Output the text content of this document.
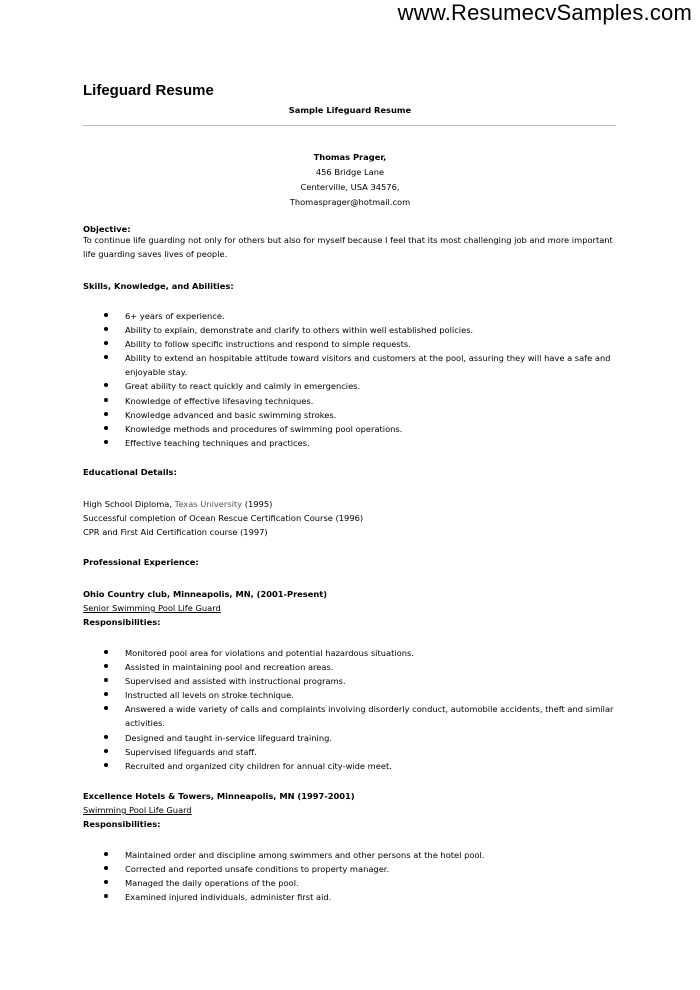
www.ResumecvSamples.com
Lifeguard Resume
Sample Lifeguard Resume
Thomas Prager,
456 Bridge Lane
Centerville, USA 34576,
Thomasprager@hotmail.com
Objective:
To continue life guarding not only for others but also for myself because I feel that its most challenging job and more important
life guarding saves lives of people.
Skills, Knowledge, and Abilities:
6+ years of experience.
Ability to explain, demonstrate and clarify to others within well established policies.
Ability to follow specific instructions and respond to simple requests.
Ability to extend an hospitable attitude toward visitors and customers at the pool, assuring they will have a safe and enjoyable stay.
Great ability to react quickly and calmly in emergencies.
Knowledge of effective lifesaving techniques.
Knowledge advanced and basic swimming strokes.
Knowledge methods and procedures of swimming pool operations.
Effective teaching techniques and practices.
Educational Details:
High School Diploma, Texas University (1995)
Successful completion of Ocean Rescue Certification Course (1996)
CPR and First Aid Certification course (1997)
Professional Experience:
Ohio Country club, Minneapolis, MN, (2001-Present)
Senior Swimming Pool Life Guard
Responsibilities:
Monitored pool area for violations and potential hazardous situations.
Assisted in maintaining pool and recreation areas.
Supervised and assisted with instructional programs.
Instructed all levels on stroke technique.
Answered a wide variety of calls and complaints involving disorderly conduct, automobile accidents, theft and similar activities.
Designed and taught in-service lifeguard training.
Supervised lifeguards and staff.
Recruited and organized city children for annual city-wide meet.
Excellence Hotels & Towers, Minneapolis, MN (1997-2001)
Swimming Pool Life Guard
Responsibilities:
Maintained order and discipline among swimmers and other persons at the hotel pool.
Corrected and reported unsafe conditions to property manager.
Managed the daily operations of the pool.
Examined injured individuals, administer first aid.
